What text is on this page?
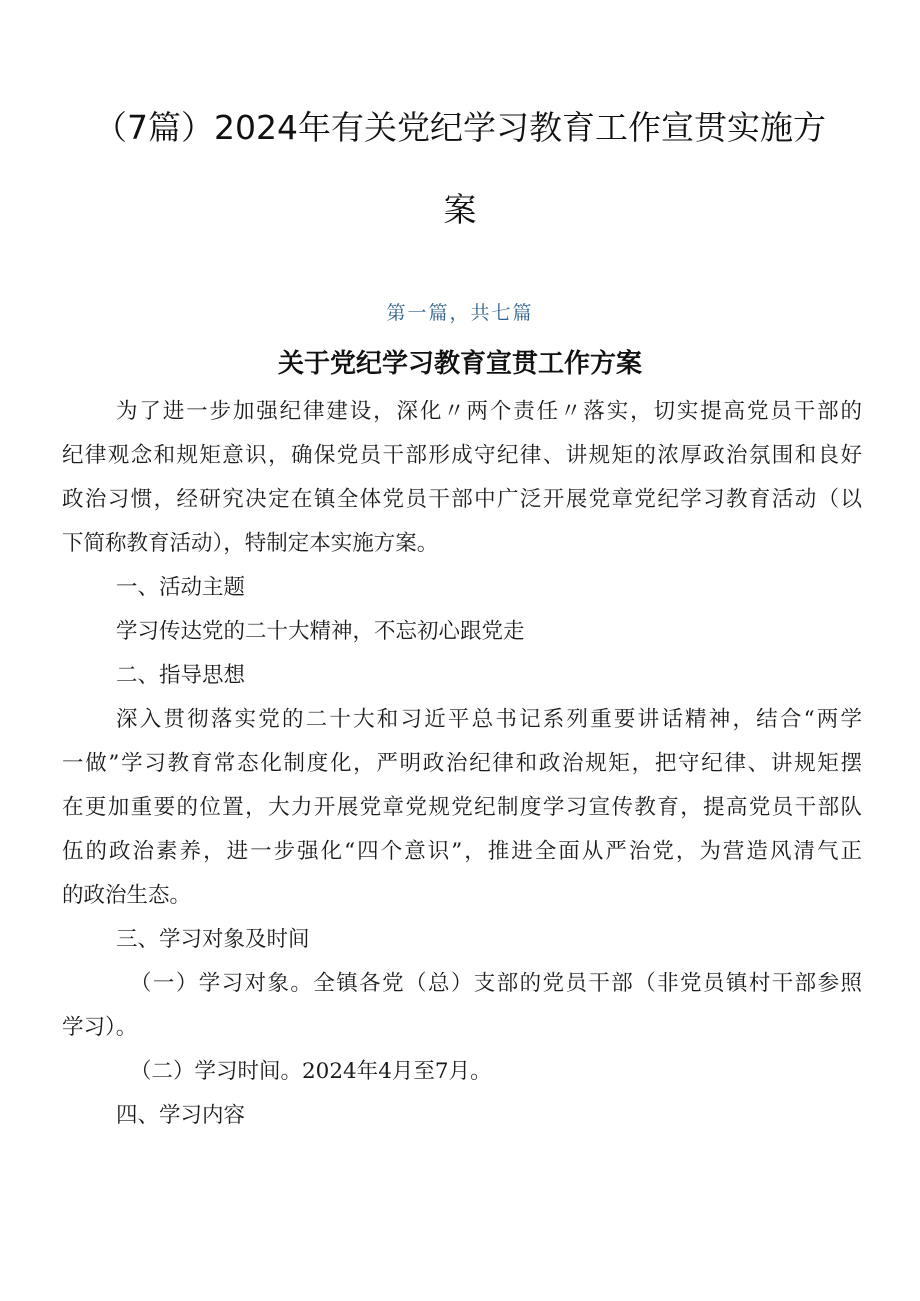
（7篇）2024年有关党纪学习教育工作宣贯实施方
案

第一篇，共七篇

关于党纪学习教育宣贯工作方案

为了进一步加强纪律建设，深化〃两个责任〃落实，切实提高党员干部的

纪律观念和规矩意识，确保党员干部形成守纪律、讲规矩的浓厚政治氛围和良好

政治习惯，经研究决定在镇全体党员干部中广泛开展党章党纪学习教育活动（以

下简称教育活动），特制定本实施方案。

一、活动主题

学习传达党的二十大精神，不忘初心跟党走

二、指导思想

深入贯彻落实党的二十大和习近平总书记系列重要讲话精神，结合“两学

一做”学习教育常态化制度化，严明政治纪律和政治规矩，把守纪律、讲规矩摆

在更加重要的位置，大力开展党章党规党纪制度学习宣传教育，提高党员干部队

伍的政治素养，进一步强化“四个意识”，推进全面从严治党，为营造风清气正

的政治生态。

三、学习对象及时间

（一）学习对象。全镇各党（总）支部的党员干部（非党员镇村干部参照

学习）。

（二）学习时间。2024年4月至7月。

四、学习内容
